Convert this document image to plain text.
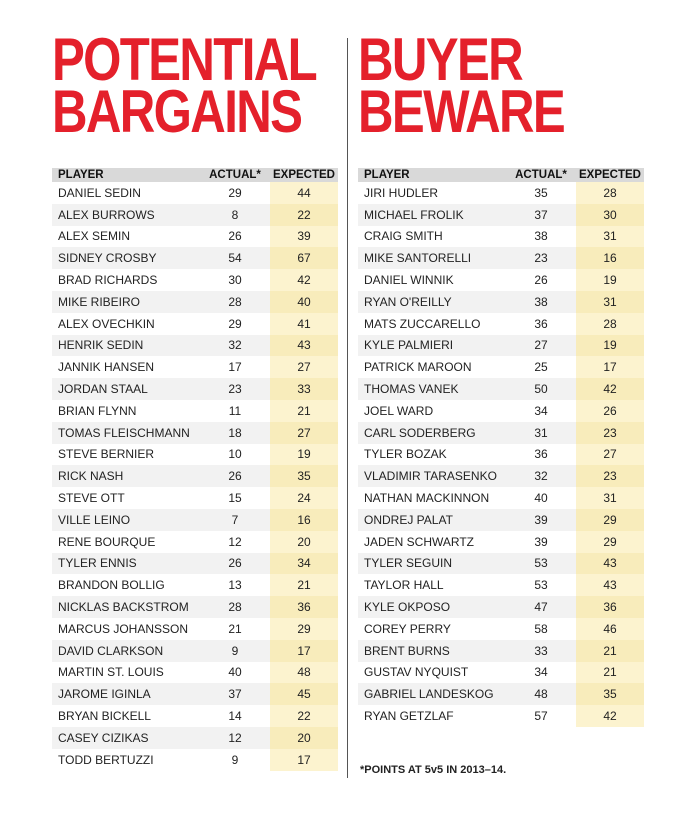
POTENTIAL
BARGAINS
PLAYER	ACTUAL*	EXPECTED
DANIEL SEDIN	29	44
ALEX BURROWS	8	22
ALEX SEMIN	26	39
SIDNEY CROSBY	54	67
BRAD RICHARDS	30	42
MIKE RIBEIRO	28	40
ALEX OVECHKIN	29	41
HENRIK SEDIN	32	43
JANNIK HANSEN	17	27
JORDAN STAAL	23	33
BRIAN FLYNN	11	21
TOMAS FLEISCHMANN	18	27
STEVE BERNIER	10	19
RICK NASH	26	35
STEVE OTT	15	24
VILLE LEINO	7	16
RENE BOURQUE	12	20
TYLER ENNIS	26	34
BRANDON BOLLIG	13	21
NICKLAS BACKSTROM	28	36
MARCUS JOHANSSON	21	29
DAVID CLARKSON	9	17
MARTIN ST. LOUIS	40	48
JAROME IGINLA	37	45
BRYAN BICKELL	14	22
CASEY CIZIKAS	12	20
TODD BERTUZZI	9	17
BUYER
BEWARE
PLAYER	ACTUAL*	EXPECTED
JIRI HUDLER	35	28
MICHAEL FROLIK	37	30
CRAIG SMITH	38	31
MIKE SANTORELLI	23	16
DANIEL WINNIK	26	19
RYAN O'REILLY	38	31
MATS ZUCCARELLO	36	28
KYLE PALMIERI	27	19
PATRICK MAROON	25	17
THOMAS VANEK	50	42
JOEL WARD	34	26
CARL SODERBERG	31	23
TYLER BOZAK	36	27
VLADIMIR TARASENKO	32	23
NATHAN MACKINNON	40	31
ONDREJ PALAT	39	29
JADEN SCHWARTZ	39	29
TYLER SEGUIN	53	43
TAYLOR HALL	53	43
KYLE OKPOSO	47	36
COREY PERRY	58	46
BRENT BURNS	33	21
GUSTAV NYQUIST	34	21
GABRIEL LANDESKOG	48	35
RYAN GETZLAF	57	42
*POINTS AT 5v5 IN 2013–14.
